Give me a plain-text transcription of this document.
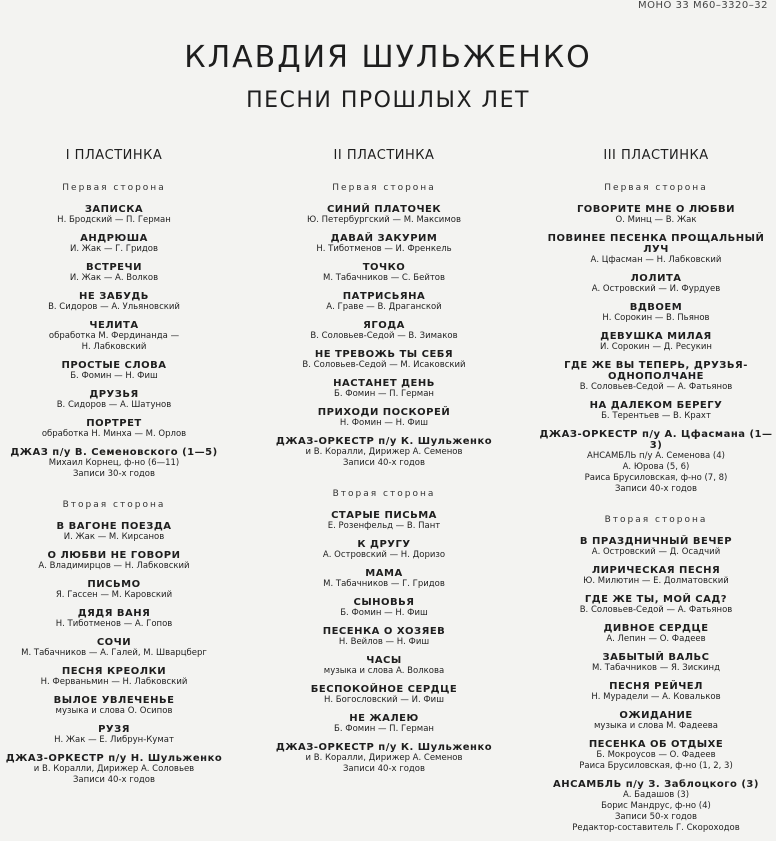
МОНО 33 М60–3320–32
КЛАВДИЯ ШУЛЬЖЕНКО
ПЕСНИ ПРОШЛЫХ ЛЕТ
I ПЛАСТИНКА
Первая сторона
ЗАПИСКА
Н. Бродский — П. Герман
АНДРЮША
И. Жак — Г. Гридов
ВСТРЕЧИ
И. Жак — А. Волков
НЕ ЗАБУДЬ
В. Сидоров — А. Ульяновский
ЧЕЛИТА
обработка М. Фердинанда —
Н. Лабковский
ПРОСТЫЕ СЛОВА
Б. Фомин — Н. Фиш
ДРУЗЬЯ
В. Сидоров — А. Шатунов
ПОРТРЕТ
обработка Н. Минха — М. Орлов
ДЖАЗ п/у В. Семеновского (1—5)
Михаил Корнец, ф-но (6—11)
Записи 30-х годов
Вторая сторона
В ВАГОНЕ ПОЕЗДА
И. Жак — М. Кирсанов
О ЛЮБВИ НЕ ГОВОРИ
А. Владимирцов — Н. Лабковский
ПИСЬМО
Я. Гассен — М. Каровский
ДЯДЯ ВАНЯ
Н. Тиботменов — А. Гопов
СОЧИ
М. Табачников — А. Галей, М. Шварцберг
ПЕСНЯ КРЕОЛКИ
Н. Ферваньмин — Н. Лабковский
ВЫЛОЕ УВЛЕЧЕНЬЕ
музыка и слова О. Осипов
РУЗЯ
Н. Жак — Е. Либрун-Кумат
ДЖАЗ-ОРКЕСТР п/у Н. Шульженко
и В. Коралли, Дирижер А. Соловьев
Записи 40-х годов
II ПЛАСТИНКА
Первая сторона
СИНИЙ ПЛАТОЧЕК
Ю. Петербургский — М. Максимов
ДАВАЙ ЗАКУРИМ
Н. Тиботменов — И. Френкель
ТОЧКО
М. Табачников — С. Бейтов
ПАТРИСЬЯНА
А. Граве — В. Драганской
ЯГОДА
В. Соловьев-Седой — В. Зимаков
НЕ ТРЕВОЖЬ ТЫ СЕБЯ
В. Соловьев-Седой — М. Исаковский
НАСТАНЕТ ДЕНЬ
Б. Фомин — П. Герман
ПРИХОДИ ПОСКОРЕЙ
Н. Фомин — Н. Фиш
ДЖАЗ-ОРКЕСТР п/у К. Шульженко
и В. Коралли, Дирижер А. Семенов
Записи 40-х годов
Вторая сторона
СТАРЫЕ ПИСЬМА
Е. Розенфельд — В. Пант
К ДРУГУ
А. Островский — Н. Доризо
МАМА
М. Табачников — Г. Гридов
СЫНОВЬЯ
Б. Фомин — Н. Фиш
ПЕСЕНКА О ХОЗЯЕВ
Н. Вейлов — Н. Фиш
ЧАСЫ
музыка и слова А. Волкова
БЕСПОКОЙНОЕ СЕРДЦЕ
Н. Богословский — И. Фиш
НЕ ЖАЛЕЮ
Б. Фомин — П. Герман
ДЖАЗ-ОРКЕСТР п/у К. Шульженко
и В. Коралли, Дирижер А. Семенов
Записи 40-х годов
III ПЛАСТИНКА
Первая сторона
ГОВОРИТЕ МНЕ О ЛЮБВИ
О. Минц — В. Жак
ПОВИНЕЕ ПЕСЕНКА ПРОЩАЛЬНЫЙ ЛУЧ
А. Цфасман — Н. Лабковский
ЛОЛИТА
А. Островский — И. Фурдуев
ВДВОЕМ
Н. Сорокин — В. Пьянов
ДЕВУШКА МИЛАЯ
И. Сорокин — Д. Ресукин
ГДЕ ЖЕ ВЫ ТЕПЕРЬ, ДРУЗЬЯ-ОДНОПОЛЧАНЕ
В. Соловьев-Седой — А. Фатьянов
НА ДАЛЕКОМ БЕРЕГУ
Б. Терентьев — В. Крахт
ДЖАЗ-ОРКЕСТР п/у А. Цфасмана (1—3)
АНСАМБЛЬ п/у А. Семенова (4)
А. Юрова (5, 6)
Раиса Брусиловская, ф-но (7, 8)
Записи 40-х годов
Вторая сторона
В ПРАЗДНИЧНЫЙ ВЕЧЕР
А. Островский — Д. Осадчий
ЛИРИЧЕСКАЯ ПЕСНЯ
Ю. Милютин — Е. Долматовский
ГДЕ ЖЕ ТЫ, МОЙ САД?
В. Соловьев-Седой — А. Фатьянов
ДИВНОЕ СЕРДЦЕ
А. Лепин — О. Фадеев
ЗАБЫТЫЙ ВАЛЬС
М. Табачников — Я. Зискинд
ПЕСНЯ РЕЙЧЕЛ
Н. Мурадели — А. Ковальков
ОЖИДАНИЕ
музыка и слова М. Фадеева
ПЕСЕНКА ОБ ОТДЫХЕ
Б. Мокроусов — О. Фадеев
Раиса Брусиловская, ф-но (1, 2, 3)
АНСАМБЛЬ п/у З. Заблоцкого (3)
А. Бадашов (3)
Борис Мандрус, ф-но (4)
Записи 50-х годов
Редактор-составитель Г. Скороходов
